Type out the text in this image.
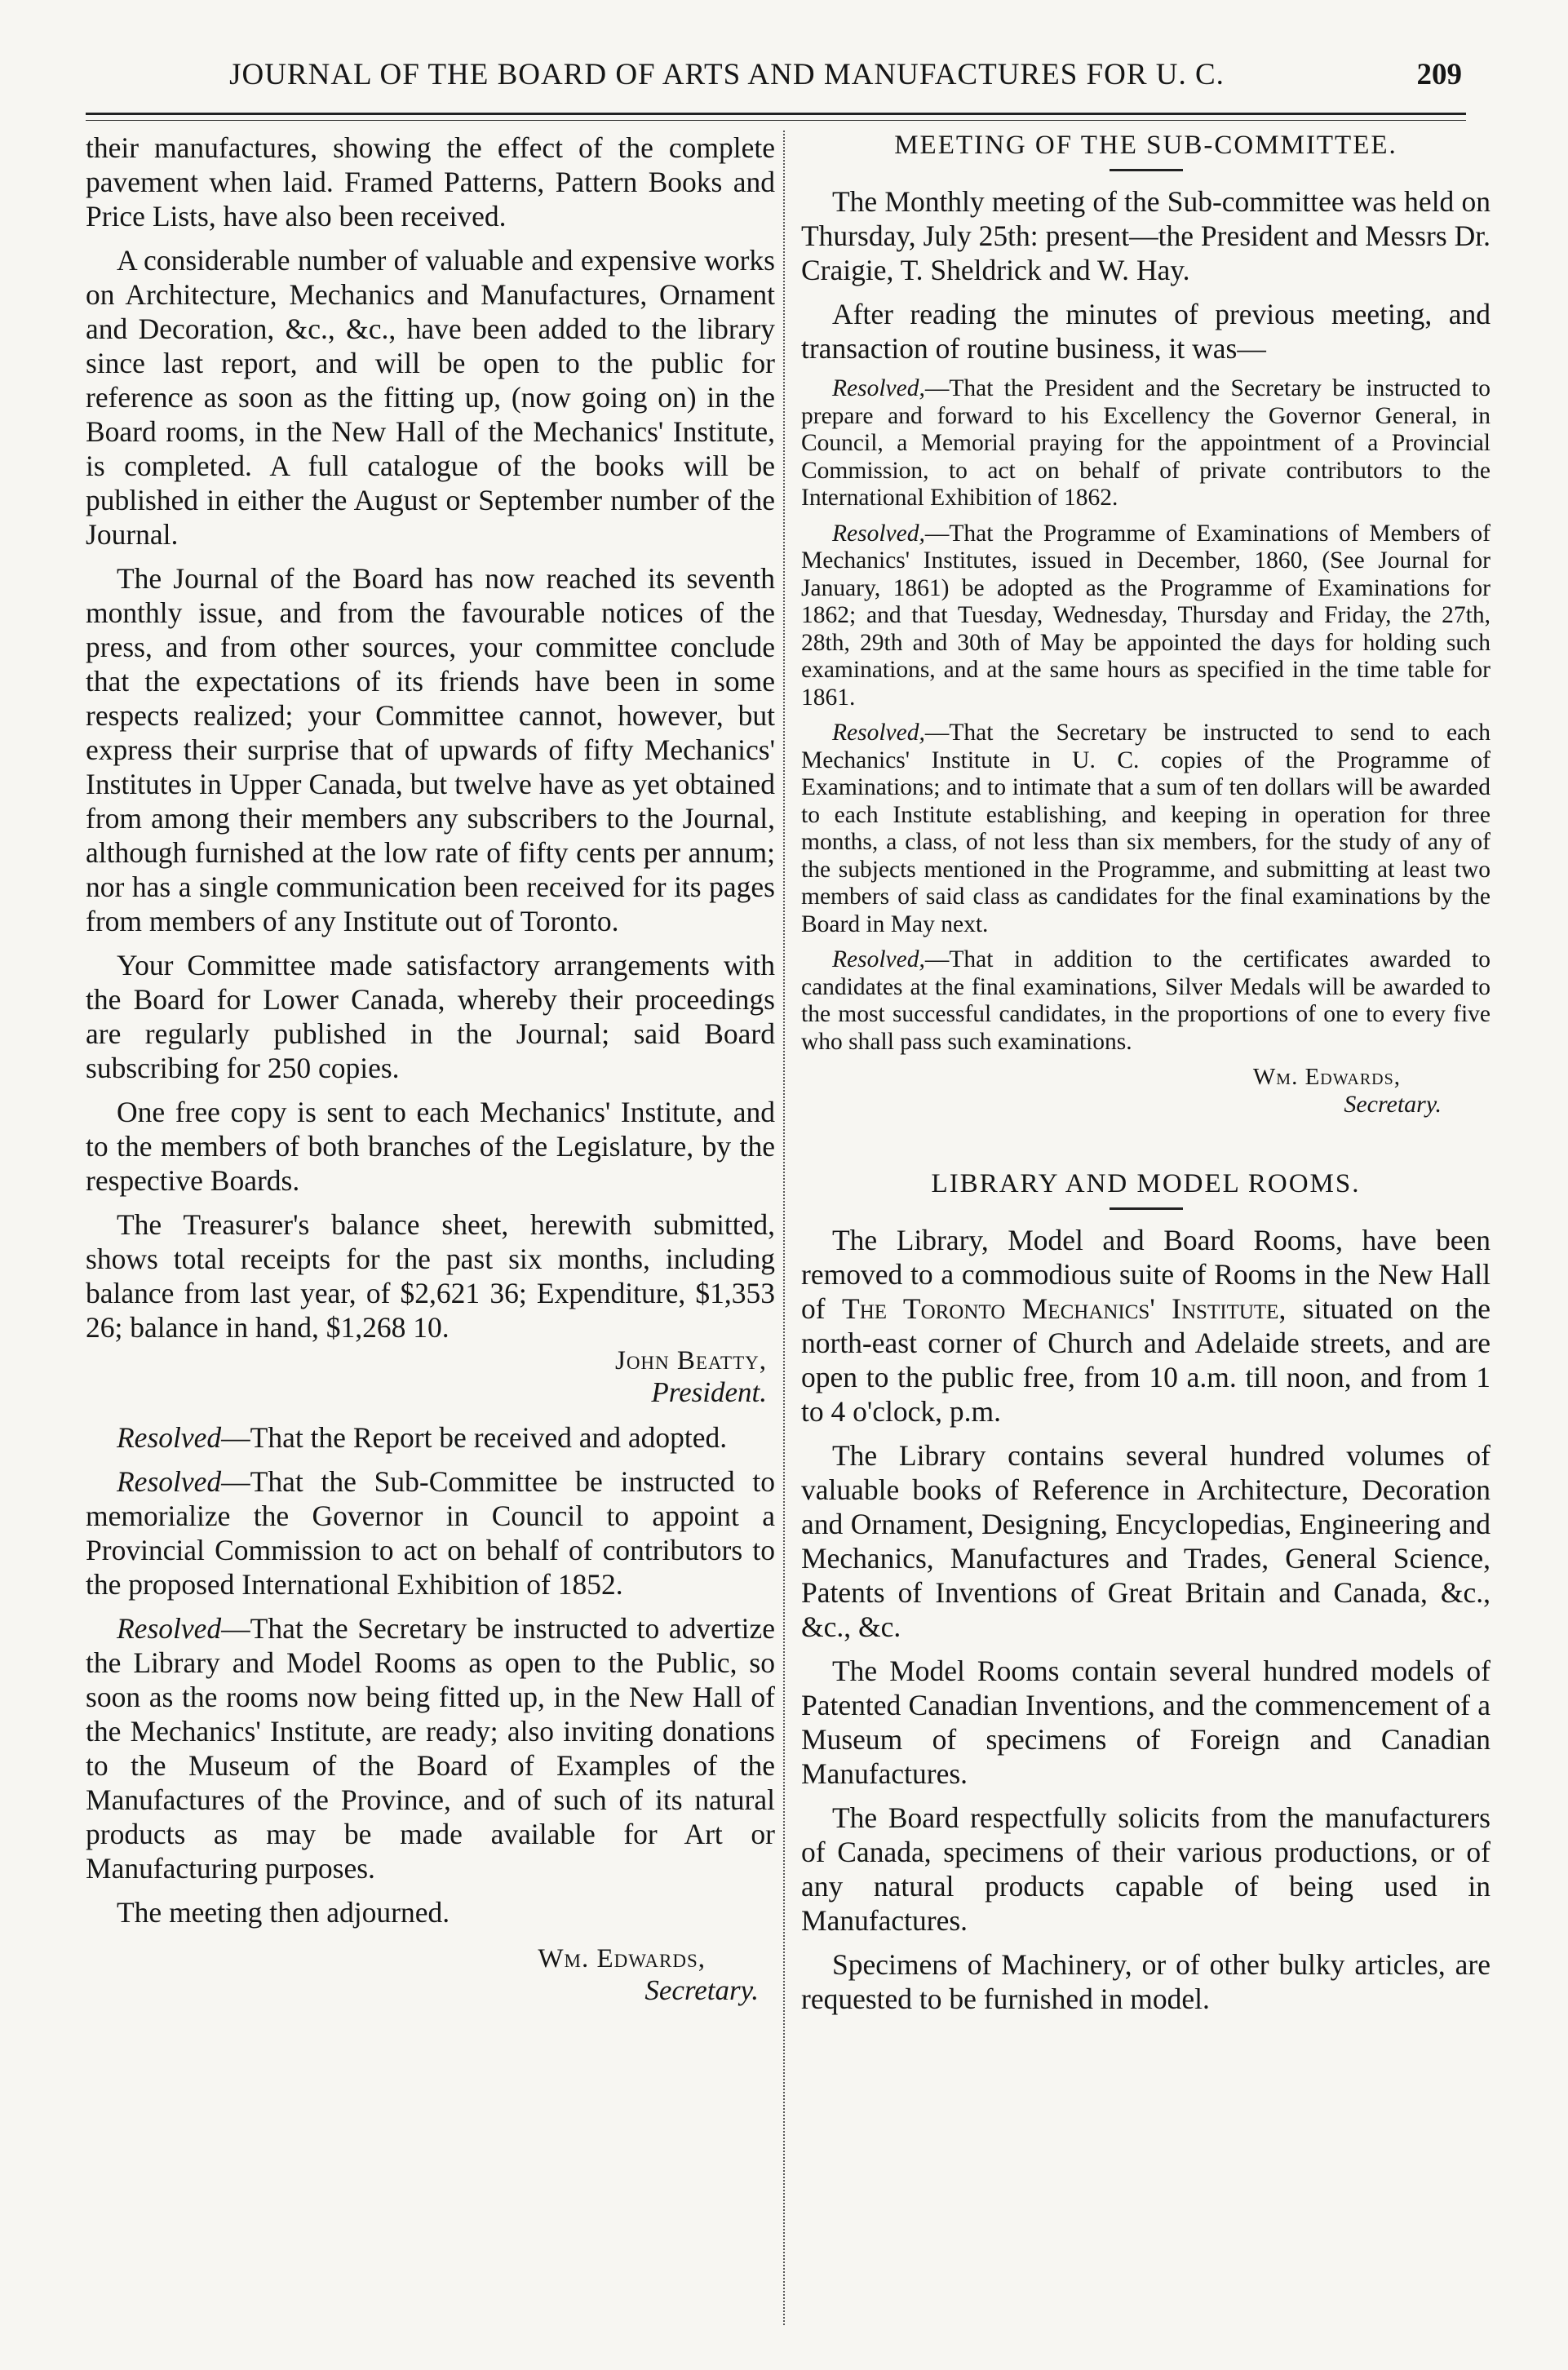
JOURNAL OF THE BOARD OF ARTS AND MANUFACTURES FOR U. C.	209

their manufactures, showing the effect of the complete pavement when laid. Framed Patterns, Pattern Books and Price Lists, have also been received.

A considerable number of valuable and expensive works on Architecture, Mechanics and Manufactures, Ornament and Decoration, &c., &c., have been added to the library since last report, and will be open to the public for reference as soon as the fitting up, (now going on) in the Board rooms, in the New Hall of the Mechanics' Institute, is completed. A full catalogue of the books will be published in either the August or September number of the Journal.

The Journal of the Board has now reached its seventh monthly issue, and from the favourable notices of the press, and from other sources, your committee conclude that the expectations of its friends have been in some respects realized; your Committee cannot, however, but express their surprise that of upwards of fifty Mechanics' Institutes in Upper Canada, but twelve have as yet obtained from among their members any subscribers to the Journal, although furnished at the low rate of fifty cents per annum; nor has a single communication been received for its pages from members of any Institute out of Toronto.

Your Committee made satisfactory arrangements with the Board for Lower Canada, whereby their proceedings are regularly published in the Journal; said Board subscribing for 250 copies.

One free copy is sent to each Mechanics' Institute, and to the members of both branches of the Legislature, by the respective Boards.

The Treasurer's balance sheet, herewith submitted, shows total receipts for the past six months, including balance from last year, of $2,621 36; Expenditure, $1,353 26; balance in hand, $1,268 10.

John Beatty,
President.

Resolved—That the Report be received and adopted.

Resolved—That the Sub-Committee be instructed to memorialize the Governor in Council to appoint a Provincial Commission to act on behalf of contributors to the proposed International Exhibition of 1852.

Resolved—That the Secretary be instructed to advertize the Library and Model Rooms as open to the Public, so soon as the rooms now being fitted up, in the New Hall of the Mechanics' Institute, are ready; also inviting donations to the Museum of the Board of Examples of the Manufactures of the Province, and of such of its natural products as may be made available for Art or Manufacturing purposes.

The meeting then adjourned.

Wm. Edwards,
Secretary.
MEETING OF THE SUB-COMMITTEE.

The Monthly meeting of the Sub-committee was held on Thursday, July 25th: present—the President and Messrs Dr. Craigie, T. Sheldrick and W. Hay.

After reading the minutes of previous meeting, and transaction of routine business, it was—

Resolved,—That the President and the Secretary be instructed to prepare and forward to his Excellency the Governor General, in Council, a Memorial praying for the appointment of a Provincial Commission, to act on behalf of private contributors to the International Exhibition of 1862.

Resolved,—That the Programme of Examinations of Members of Mechanics' Institutes, issued in December, 1860, (See Journal for January, 1861) be adopted as the Programme of Examinations for 1862; and that Tuesday, Wednesday, Thursday and Friday, the 27th, 28th, 29th and 30th of May be appointed the days for holding such examinations, and at the same hours as specified in the time table for 1861.

Resolved,—That the Secretary be instructed to send to each Mechanics' Institute in U. C. copies of the Programme of Examinations; and to intimate that a sum of ten dollars will be awarded to each Institute establishing, and keeping in operation for three months, a class, of not less than six members, for the study of any of the subjects mentioned in the Programme, and submitting at least two members of said class as candidates for the final examinations by the Board in May next.

Resolved,—That in addition to the certificates awarded to candidates at the final examinations, Silver Medals will be awarded to the most successful candidates, in the proportions of one to every five who shall pass such examinations.

Wm. Edwards,
Secretary.
LIBRARY AND MODEL ROOMS.

The Library, Model and Board Rooms, have been removed to a commodious suite of Rooms in the New Hall of The Toronto Mechanics' Institute, situated on the north-east corner of Church and Adelaide streets, and are open to the public free, from 10 a.m. till noon, and from 1 to 4 o'clock, p.m.

The Library contains several hundred volumes of valuable books of Reference in Architecture, Decoration and Ornament, Designing, Encyclopedias, Engineering and Mechanics, Manufactures and Trades, General Science, Patents of Inventions of Great Britain and Canada, &c., &c., &c.

The Model Rooms contain several hundred models of Patented Canadian Inventions, and the commencement of a Museum of specimens of Foreign and Canadian Manufactures.

The Board respectfully solicits from the manufacturers of Canada, specimens of their various productions, or of any natural products capable of being used in Manufactures.

Specimens of Machinery, or of other bulky articles, are requested to be furnished in model.
